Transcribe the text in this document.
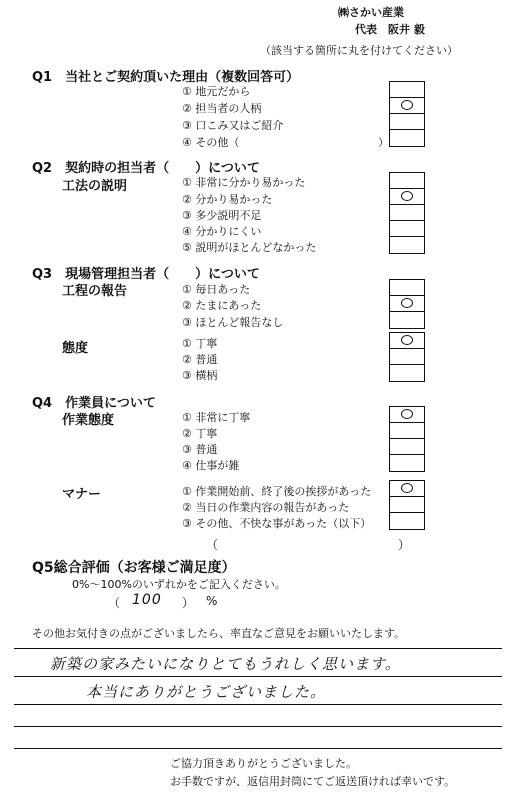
㈱さかい産業
代表　阪井 毅
（該当する箇所に丸を付けてください）
Q1　当社とご契約頂いた理由（複数回答可）
① 地元だから
② 担当者の人柄
③ 口こみ又はご紹介
④ その他（	）
Q2　契約時の担当者（　　）について
工法の説明	① 非常に分かり易かった
② 分かり易かった
③ 多少説明不足
④ 分かりにくい
⑤ 説明がほとんどなかった
Q3　現場管理担当者（　　）について
工程の報告	① 毎日あった
② たまにあった
③ ほとんど報告なし
態度	① 丁寧
② 普通
③ 横柄
Q4　作業員について
作業態度	① 非常に丁寧
② 丁寧
③ 普通
④ 仕事が雑
マナー	① 作業開始前、終了後の挨拶があった
② 当日の作業内容の報告があった
③ その他、不快な事があった（以下）
（	）
Q5総合評価（お客様ご満足度）
0%～100%のいずれかをご記入ください。
（ 100 ） %
その他お気付きの点がございましたら、率直なご意見をお願いいたします。
新築の家みたいになりとてもうれしく思います。
本当にありがとうございました。
ご協力頂きありがとうございました。
お手数ですが、返信用封筒にてご返送頂ければ幸いです。
